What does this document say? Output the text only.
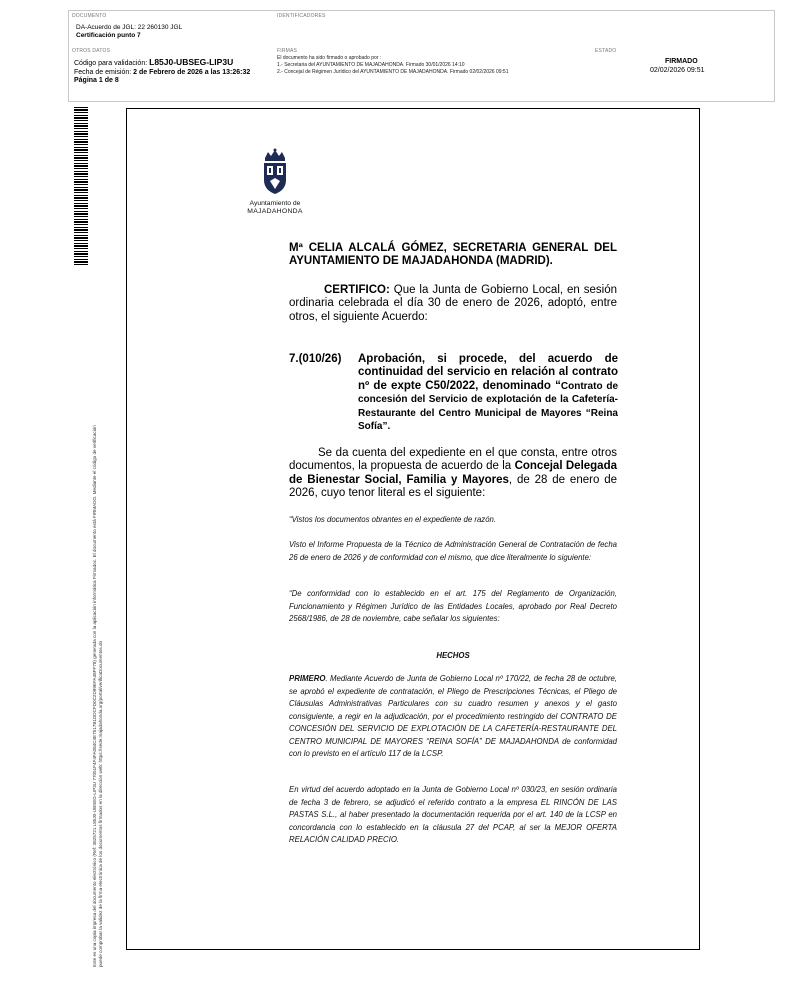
DOCUMENTO
DA-Acuerdo de JGL: 22 260130 JGL
Certificación punto 7
IDENTIFICADORES
OTROS DATOS
Código para validación: L85J0-UBSEG-LIP3U
Fecha de emisión: 2 de Febrero de 2026 a las 13:26:32
Página 1 de 8
FIRMAS
El documento ha sido firmado o aprobado por :
1.- Secretaria del AYUNTAMIENTO DE MAJADAHONDA. Firmado 30/01/2026 14:10
2.- Concejal de Régimen Jurídico del AYUNTAMIENTO DE MAJADAHONDA. Firmado 02/02/2026 09:51
ESTADO
FIRMADO
02/02/2026 09:51
Este es una copia impresa del documento electrónico (Ref: 3825721 L85J0-UBSEG-LIP3U 77051F4F4FA084C4E7517B1DDCFD0C2D99EFA48FF78) generada con la aplicación informática Firmadoc. El documento está FIRMADO. Mediante el código de verificación puede comprobar la validez de la firma electrónica de los documentos firmados en la dirección web: https://sede.majadahonda.org/portal/verificaDocumentos.do
Ayuntamiento de
MAJADAHONDA
Mª CELIA ALCALÁ GÓMEZ, SECRETARIA GENERAL DEL AYUNTAMIENTO DE MAJADAHONDA (MADRID).
CERTIFICO: Que la Junta de Gobierno Local, en sesión ordinaria celebrada el día 30 de enero de 2026, adoptó, entre otros, el siguiente Acuerdo:
7.(010/26) Aprobación, si procede, del acuerdo de continuidad del servicio en relación al contrato nº de expte C50/2022, denominado “Contrato de concesión del Servicio de explotación de la Cafetería-Restaurante del Centro Municipal de Mayores “Reina Sofía”.
Se da cuenta del expediente en el que consta, entre otros documentos, la propuesta de acuerdo de la Concejal Delegada de Bienestar Social, Familia y Mayores, de 28 de enero de 2026, cuyo tenor literal es el siguiente:
“Vistos los documentos obrantes en el expediente de razón.
Visto el Informe Propuesta de la Técnico de Administración General de Contratación de fecha 26 de enero de 2026 y de conformidad con el mismo, que dice literalmente lo siguiente:
“De conformidad con lo establecido en el art. 175 del Reglamento de Organización, Funcionamiento y Régimen Jurídico de las Entidades Locales, aprobado por Real Decreto 2568/1986, de 28 de noviembre, cabe señalar los siguientes:
HECHOS
PRIMERO. Mediante Acuerdo de Junta de Gobierno Local nº 170/22, de fecha 28 de octubre, se aprobó el expediente de contratación, el Pliego de Prescripciones Técnicas, el Pliego de Cláusulas Administrativas Particulares con su cuadro resumen y anexos y el gasto consiguiente, a regir en la adjudicación, por el procedimiento restringido del CONTRATO DE CONCESIÓN DEL SERVICIO DE EXPLOTACIÓN DE LA CAFETERÍA-RESTAURANTE DEL CENTRO MUNICIPAL DE MAYORES “REINA SOFÍA” DE MAJADAHONDA de conformidad con lo previsto en el artículo 117 de la LCSP.
En virtud del acuerdo adoptado en la Junta de Gobierno Local nº 030/23, en sesión ordinaria de fecha 3 de febrero, se adjudicó el referido contrato a la empresa EL RINCÓN DE LAS PASTAS S.L., al haber presentado la documentación requerida por el art. 140 de la LCSP en concordancia con lo establecido en la cláusula 27 del PCAP, al ser la MEJOR OFERTA RELACIÓN CALIDAD PRECIO.
